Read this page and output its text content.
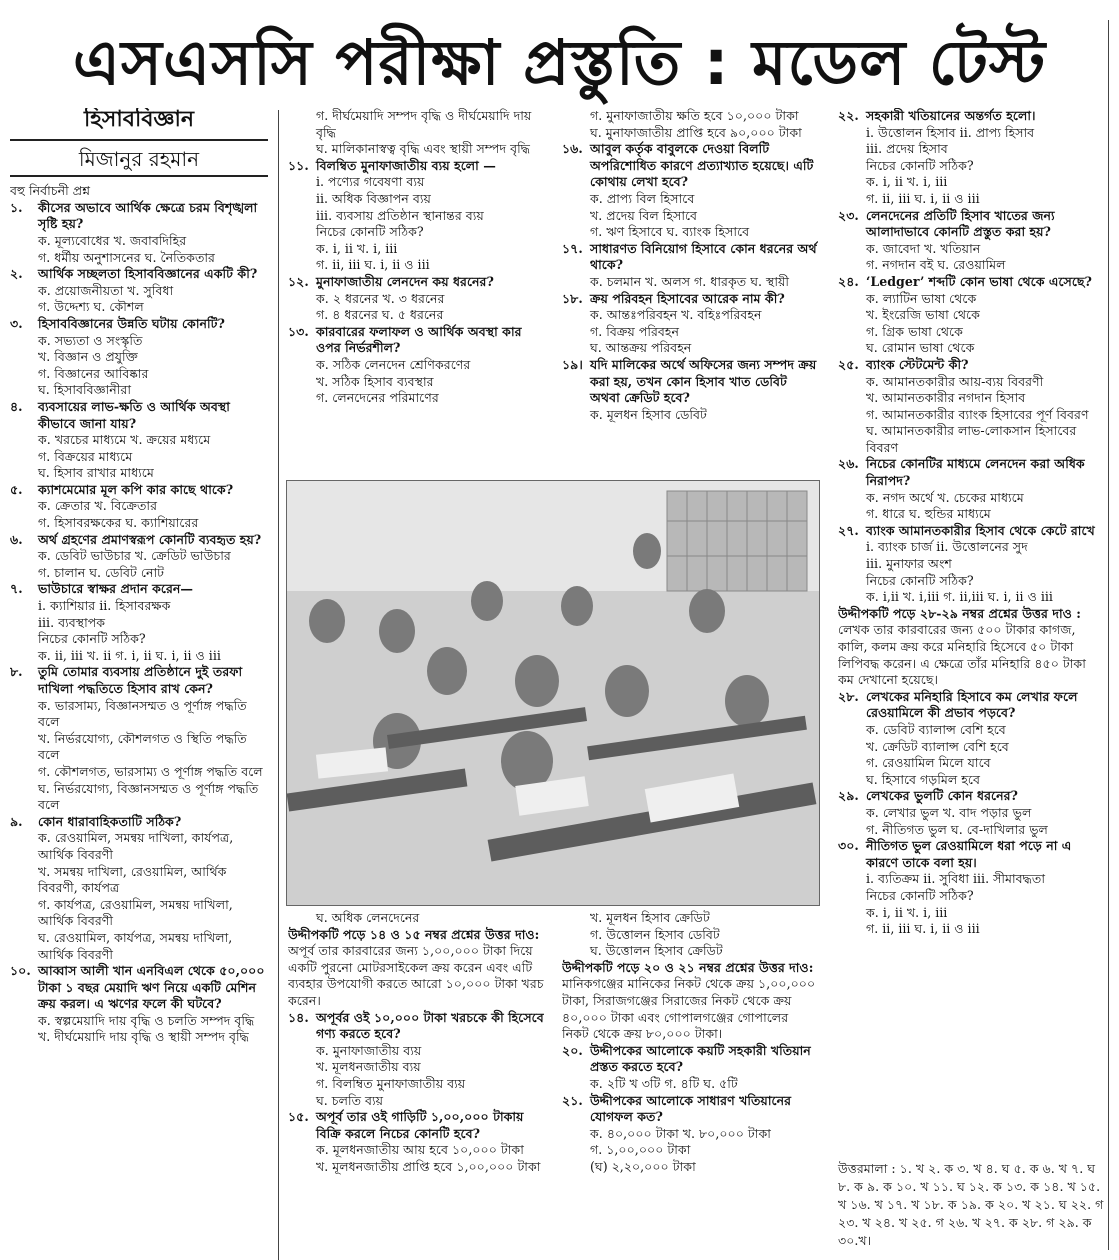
এসএসসি পরীক্ষা প্রস্তুতি : মডেল টেস্ট
হিসাববিজ্ঞান
মিজানুর রহমান
বহু নির্বাচনী প্রশ্ন
১.	কীসের অভাবে আর্থিক ক্ষেত্রে চরম বিশৃঙ্খলা সৃষ্টি হয়?
ক. মূল্যবোধের খ. জবাবদিহির
গ. ধর্মীয় অনুশাসনের ঘ. নৈতিকতার
২.	আর্থিক সচ্ছলতা হিসাববিজ্ঞানের একটি কী?
ক. প্রয়োজনীয়তা খ. সুবিধা
গ. উদ্দেশ্য ঘ. কৌশল
৩.	হিসাববিজ্ঞানের উন্নতি ঘটায় কোনটি?
ক. সভ্যতা ও সংস্কৃতি
খ. বিজ্ঞান ও প্রযুক্তি
গ. বিজ্ঞানের আবিষ্কার
ঘ. হিসাববিজ্ঞানীরা
৪.	ব্যবসায়ের লাভ-ক্ষতি ও আর্থিক অবস্থা কীভাবে জানা যায়?
ক. খরচের মাধ্যমে খ. ক্রয়ের মধ্যমে
গ. বিক্রয়ের মাধ্যমে
ঘ. হিসাব রাখার মাধ্যমে
৫.	ক্যাশমেমোর মূল কপি কার কাছে থাকে?
ক. ক্রেতার খ. বিক্রেতার
গ. হিসাবরক্ষকের ঘ. ক্যাশিয়ারের
৬.	অর্থ গ্রহণের প্রমাণস্বরূপ কোনটি ব্যবহৃত হয়?
ক. ডেবিট ভাউচার খ. ক্রেডিট ভাউচার
গ. চালান ঘ. ডেবিট নোট
৭.	ভাউচারে স্বাক্ষর প্রদান করেন—
i. ক্যাশিয়ার ii. হিসাবরক্ষক
iii. ব্যবস্থাপক
নিচের কোনটি সঠিক?
ক. ii, iii খ. ii গ. i, ii ঘ. i, ii ও iii
৮.	তুমি তোমার ব্যবসায় প্রতিষ্ঠানে দুই তরফা দাখিলা পদ্ধতিতে হিসাব রাখ কেন?
ক. ভারসাম্য, বিজ্ঞানসম্মত ও পূর্ণাঙ্গ পদ্ধতি বলে
খ. নির্ভরযোগ্য, কৌশলগত ও স্থিতি পদ্ধতি বলে
গ. কৌশলগত, ভারসাম্য ও পূর্ণাঙ্গ পদ্ধতি বলে
ঘ. নির্ভরযোগ্য, বিজ্ঞানসম্মত ও পূর্ণাঙ্গ পদ্ধতি বলে
৯.	কোন ধারাবাহিকতাটি সঠিক?
ক. রেওয়ামিল, সমন্বয় দাখিলা, কার্যপত্র, আর্থিক বিবরণী
খ. সমন্বয় দাখিলা, রেওয়ামিল, আর্থিক বিবরণী, কার্যপত্র
গ. কার্যপত্র, রেওয়ামিল, সমন্বয় দাখিলা, আর্থিক বিবরণী
ঘ. রেওয়ামিল, কার্যপত্র, সমন্বয় দাখিলা, আর্থিক বিবরণী
১০. আব্বাস আলী খান এনবিএল থেকে ৫০,০০০ টাকা ১ বছর মেয়াদি ঋণ নিয়ে একটি মেশিন ক্রয় করল। এ ঋণের ফলে কী ঘটবে?
ক. স্বল্পমেয়াদি দায় বৃদ্ধি ও চলতি সম্পদ বৃদ্ধি
খ. দীর্ঘমেয়াদি দায় বৃদ্ধি ও স্থায়ী সম্পদ বৃদ্ধি
গ. দীর্ঘমেয়াদি সম্পদ বৃদ্ধি ও দীর্ঘমেয়াদি দায় বৃদ্ধি
ঘ. মালিকানাস্বত্ব বৃদ্ধি এবং স্থায়ী সম্পদ বৃদ্ধি
১১. বিলম্বিত মুনাফাজাতীয় ব্যয় হলো —
i. পণ্যের গবেষণা ব্যয়
ii. অধিক বিজ্ঞাপন ব্যয়
iii. ব্যবসায় প্রতিষ্ঠান স্থানান্তর ব্যয়
নিচের কোনটি সঠিক?
ক. i, ii খ. i, iii
গ. ii, iii ঘ. i, ii ও iii
১২. মুনাফাজাতীয় লেনদেন কয় ধরনের?
ক. ২ ধরনের খ. ৩ ধরনের
গ. ৪ ধরনের ঘ. ৫ ধরনের
১৩. কারবারের ফলাফল ও আর্থিক অবস্থা কার ওপর নির্ভরশীল?
ক. সঠিক লেনদেন শ্রেণিকরণের
খ. সঠিক হিসাব ব্যবস্থার
গ. লেনদেনের পরিমাণের
গ. মুনাফাজাতীয় ক্ষতি হবে ১০,০০০ টাকা
ঘ. মুনাফাজাতীয় প্রাপ্তি হবে ৯০,০০০ টাকা
১৬. আবুল কর্তৃক বাবুলকে দেওয়া বিলটি অপরিশোধিত কারণে প্রত্যাখ্যাত হয়েছে। এটি কোথায় লেখা হবে?
ক. প্রাপ্য বিল হিসাবে
খ. প্রদেয় বিল হিসাবে
গ. ঋণ হিসাবে ঘ. ব্যাংক হিসাবে
১৭. সাধারণত বিনিয়োগ হিসাবে কোন ধরনের অর্থ থাকে?
ক. চলমান খ. অলস গ. ধারকৃত ঘ. স্থায়ী
১৮. ক্রয় পরিবহন হিসাবের আরেক নাম কী?
ক. আন্তঃপরিবহন খ. বহিঃপরিবহন
গ. বিক্রয় পরিবহন
ঘ. আন্তক্রয় পরিবহন
১৯। যদি মালিকের অর্থে অফিসের জন্য সম্পদ ক্রয় করা হয়, তখন কোন হিসাব খাত ডেবিট অথবা ক্রেডিট হবে?
ক. মূলধন হিসাব ডেবিট
ঘ. অধিক লেনদেনের
উদ্দীপকটি পড়ে ১৪ ও ১৫ নম্বর প্রশ্নের উত্তর দাও:
অপূর্ব তার কারবারের জন্য ১,০০,০০০ টাকা দিয়ে একটি পুরনো মোটরসাইকেল ক্রয় করেন এবং এটি ব্যবহার উপযোগী করতে আরো ১০,০০০ টাকা খরচ করেন।
১৪. অপূর্বর ওই ১০,০০০ টাকা খরচকে কী হিসেবে গণ্য করতে হবে?
ক. মুনাফাজাতীয় ব্যয়
খ. মূলধনজাতীয় ব্যয়
গ. বিলম্বিত মুনাফাজাতীয় ব্যয়
ঘ. চলতি ব্যয়
১৫. অপূর্ব তার ওই গাড়িটি ১,০০,০০০ টাকায় বিক্রি করলে নিচের কোনটি হবে?
ক. মূলধনজাতীয় আয় হবে ১০,০০০ টাকা
খ. মূলধনজাতীয় প্রাপ্তি হবে ১,০০,০০০ টাকা
খ. মূলধন হিসাব ক্রেডিট
গ. উত্তোলন হিসাব ডেবিট
ঘ. উত্তোলন হিসাব ক্রেডিট
উদ্দীপকটি পড়ে ২০ ও ২১ নম্বর প্রশ্নের উত্তর দাও:
মানিকগঞ্জের মানিকের নিকট থেকে ক্রয় ১,০০,০০০ টাকা, সিরাজগঞ্জের সিরাজের নিকট থেকে ক্রয় ৪০,০০০ টাকা এবং গোপালগঞ্জের গোপালের নিকট থেকে ক্রয় ৮০,০০০ টাকা।
২০. উদ্দীপকের আলোকে কয়টি সহকারী খতিয়ান প্রস্তত করতে হবে?
ক. ২টি খ ৩টি গ. ৪টি ঘ. ৫টি
২১. উদ্দীপকের আলোকে সাধারণ খতিয়ানের যোগফল কত?
ক. ৪০,০০০ টাকা খ. ৮০,০০০ টাকা
গ. ১,০০,০০০ টাকা
(ঘ) ২,২০,০০০ টাকা
২২. সহকারী খতিয়ানের অন্তর্গত হলো।
i. উত্তোলন হিসাব ii. প্রাপ্য হিসাব
iii. প্রদেয় হিসাব
নিচের কোনটি সঠিক?
ক. i, ii খ. i, iii
গ. ii, iii ঘ. i, ii ও iii
২৩. লেনদেনের প্রতিটি হিসাব খাতের জন্য আলাদাভাবে কোনটি প্রস্তুত করা হয়?
ক. জাবেদা খ. খতিয়ান
গ. নগদান বই ঘ. রেওয়ামিল
২৪. ‘Ledger’ শব্দটি কোন ভাষা থেকে এসেছে?
ক. ল্যাটিন ভাষা থেকে
খ. ইংরেজি ভাষা থেকে
গ. গ্রিক ভাষা থেকে
ঘ. রোমান ভাষা থেকে
২৫. ব্যাংক স্টেটমেন্ট কী?
ক. আমানতকারীর আয়-ব্যয় বিবরণী
খ. আমানতকারীর নগদান হিসাব
গ. আমানতকারীর ব্যাংক হিসাবের পূর্ণ বিবরণ
ঘ. আমানতকারীর লাভ-লোকসান হিসাবের বিবরণ
২৬. নিচের কোনটির মাধ্যমে লেনদেন করা অধিক নিরাপদ?
ক. নগদ অর্থে খ. চেকের মাধ্যমে
গ. ধারে ঘ. হুন্ডির মাধ্যমে
২৭. ব্যাংক আমানতকারীর হিসাব থেকে কেটে রাখে
i. ব্যাংক চার্জ ii. উত্তোলনের সুদ
iii. মুনাফার অংশ
নিচের কোনটি সঠিক?
ক. i,ii খ. i,iii গ. ii,iii ঘ. i, ii ও iii
উদ্দীপকটি পড়ে ২৮-২৯ নম্বর প্রশ্নের উত্তর দাও :
লেখক তার কারবারের জন্য ৫০০ টাকার কাগজ, কালি, কলম ক্রয় করে মনিহারি হিসেবে ৫০ টাকা লিপিবদ্ধ করেন। এ ক্ষেত্রে তাঁর মনিহারি ৪৫০ টাকা কম দেখানো হয়েছে।
২৮. লেখকের মনিহারি হিসাবে কম লেখার ফলে রেওয়ামিলে কী প্রভাব পড়বে?
ক. ডেবিট ব্যালান্স বেশি হবে
খ. ক্রেডিট ব্যালান্স বেশি হবে
গ. রেওয়ামিল মিলে যাবে
ঘ. হিসাবে গড়মিল হবে
২৯. লেখকের ভুলটি কোন ধরনের?
ক. লেখার ভুল খ. বাদ পড়ার ভুল
গ. নীতিগত ভুল ঘ. বে-দাখিলার ভুল
৩০. নীতিগত ভুল রেওয়ামিলে ধরা পড়ে না এ কারণে তাকে বলা হয়।
i. ব্যতিক্রম ii. সুবিধা iii. সীমাবদ্ধতা
নিচের কোনটি সঠিক?
ক. i, ii খ. i, iii
গ. ii, iii ঘ. i, ii ও iii
উত্তরমালা : ১. খ ২. ক ৩. খ ৪. ঘ ৫. ক ৬. খ ৭. ঘ ৮. ক ৯. ক ১০. খ ১১. ঘ ১২. ক ১৩. ক ১৪. খ ১৫. খ ১৬. খ ১৭. খ ১৮. ক ১৯. ক ২০. খ ২১. ঘ ২২. গ ২৩. খ ২৪. খ ২৫. গ ২৬. খ ২৭. ক ২৮. গ ২৯. ক ৩০.খ।
